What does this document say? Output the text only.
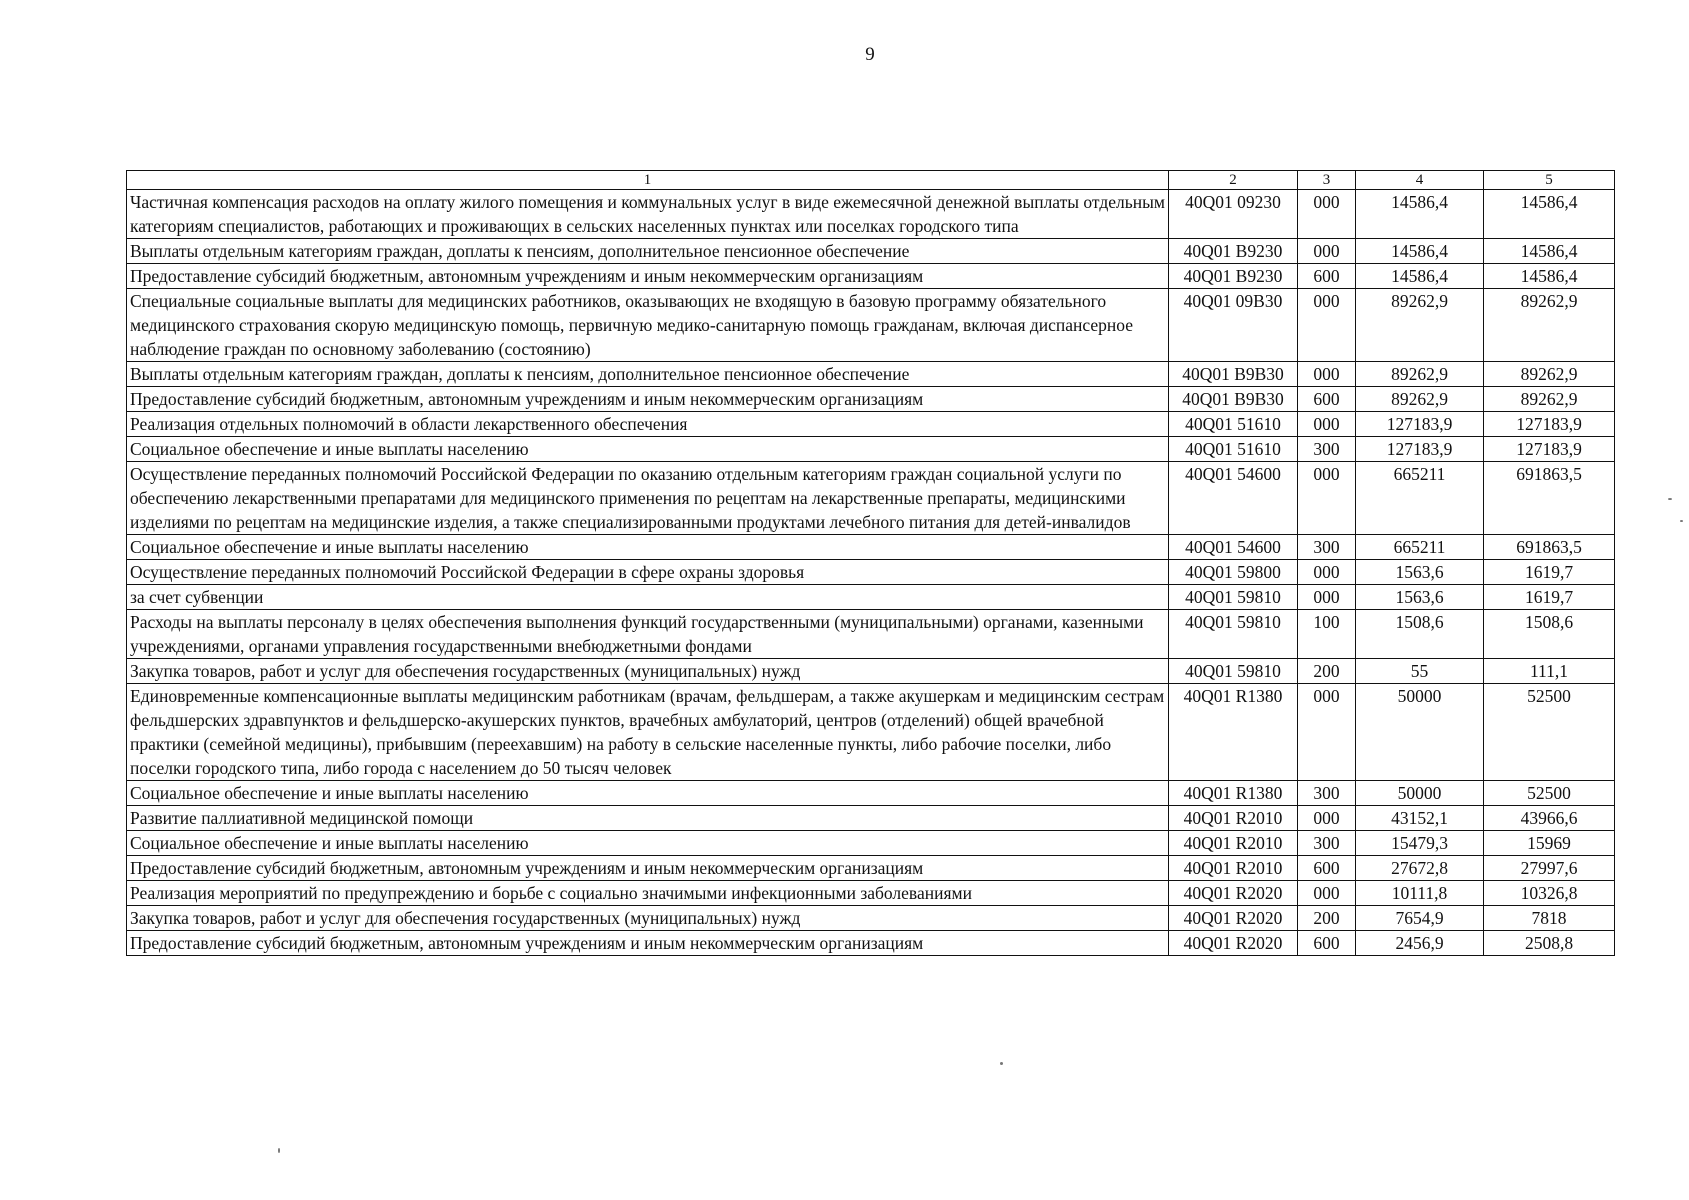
9
1	2	3	4	5
Частичная компенсация расходов на оплату жилого помещения и коммунальных услуг в виде ежемесячной денежной выплаты отдельным категориям специалистов, работающих и проживающих в сельских населенных пунктах или поселках городского типа	40Q01 09230	000	14586,4	14586,4
Выплаты отдельным категориям граждан, доплаты к пенсиям, дополнительное пенсионное обеспечение	40Q01 B9230	000	14586,4	14586,4
Предоставление субсидий бюджетным, автономным учреждениям и иным некоммерческим организациям	40Q01 B9230	600	14586,4	14586,4
Специальные социальные выплаты для медицинских работников, оказывающих не входящую в базовую программу обязательного медицинского страхования скорую медицинскую помощь, первичную медико-санитарную помощь гражданам, включая диспансерное наблюдение граждан по основному заболеванию (состоянию)	40Q01 09B30	000	89262,9	89262,9
Выплаты отдельным категориям граждан, доплаты к пенсиям, дополнительное пенсионное обеспечение	40Q01 B9B30	000	89262,9	89262,9
Предоставление субсидий бюджетным, автономным учреждениям и иным некоммерческим организациям	40Q01 B9B30	600	89262,9	89262,9
Реализация отдельных полномочий в области лекарственного обеспечения	40Q01 51610	000	127183,9	127183,9
Социальное обеспечение и иные выплаты населению	40Q01 51610	300	127183,9	127183,9
Осуществление переданных полномочий Российской Федерации по оказанию отдельным категориям граждан социальной услуги по обеспечению лекарственными препаратами для медицинского применения по рецептам на лекарственные препараты, медицинскими изделиями по рецептам на медицинские изделия, а также специализированными продуктами лечебного питания для детей-инвалидов	40Q01 54600	000	665211	691863,5
Социальное обеспечение и иные выплаты населению	40Q01 54600	300	665211	691863,5
Осуществление переданных полномочий Российской Федерации в сфере охраны здоровья	40Q01 59800	000	1563,6	1619,7
за счет субвенции	40Q01 59810	000	1563,6	1619,7
Расходы на выплаты персоналу в целях обеспечения выполнения функций государственными (муниципальными) органами, казенными учреждениями, органами управления государственными внебюджетными фондами	40Q01 59810	100	1508,6	1508,6
Закупка товаров, работ и услуг для обеспечения государственных (муниципальных) нужд	40Q01 59810	200	55	111,1
Единовременные компенсационные выплаты медицинским работникам (врачам, фельдшерам, а также акушеркам и медицинским сестрам фельдшерских здравпунктов и фельдшерско-акушерских пунктов, врачебных амбулаторий, центров (отделений) общей врачебной практики (семейной медицины), прибывшим (переехавшим) на работу в сельские населенные пункты, либо рабочие поселки, либо поселки городского типа, либо города с населением до 50 тысяч человек	40Q01 R1380	000	50000	52500
Социальное обеспечение и иные выплаты населению	40Q01 R1380	300	50000	52500
Развитие паллиативной медицинской помощи	40Q01 R2010	000	43152,1	43966,6
Социальное обеспечение и иные выплаты населению	40Q01 R2010	300	15479,3	15969
Предоставление субсидий бюджетным, автономным учреждениям и иным некоммерческим организациям	40Q01 R2010	600	27672,8	27997,6
Реализация мероприятий по предупреждению и борьбе с социально значимыми инфекционными заболеваниями	40Q01 R2020	000	10111,8	10326,8
Закупка товаров, работ и услуг для обеспечения государственных (муниципальных) нужд	40Q01 R2020	200	7654,9	7818
Предоставление субсидий бюджетным, автономным учреждениям и иным некоммерческим организациям	40Q01 R2020	600	2456,9	2508,8
